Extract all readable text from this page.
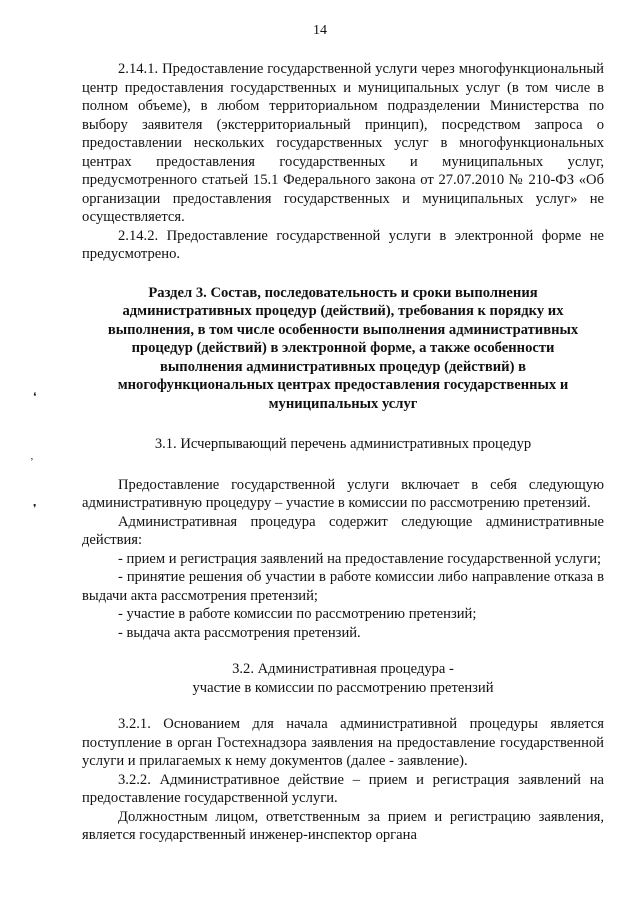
14
❛
‚
❜

2.14.1. Предоставление государственной услуги через многофункциональный центр предоставления государственных и муниципальных услуг (в том числе в полном объеме), в любом территориальном подразделении Министерства по выбору заявителя (экстерриториальный принцип), посредством запроса о предоставлении нескольких государственных услуг в многофункциональных центрах предоставления государственных и муниципальных услуг, предусмотренного статьей 15.1 Федерального закона от 27.07.2010 № 210-ФЗ «Об организации предоставления государственных и муниципальных услуг» не осуществляется.

2.14.2. Предоставление государственной услуги в электронной форме не предусмотрено.

Раздел 3. Состав, последовательность и сроки выполнения административных процедур (действий), требования к порядку их выполнения, в том числе особенности выполнения административных процедур (действий) в электронной форме, а также особенности выполнения административных процедур (действий) в многофункциональных центрах предоставления государственных и муниципальных услуг

3.1. Исчерпывающий перечень административных процедур

Предоставление государственной услуги включает в себя следующую административную процедуру – участие в комиссии по рассмотрению претензий.

Административная процедура содержит следующие административные действия:

- прием и регистрация заявлений на предоставление государственной услуги;

- принятие решения об участии в работе комиссии либо направление отказа в выдачи акта рассмотрения претензий;

- участие в работе комиссии по рассмотрению претензий;

- выдача акта рассмотрения претензий.

3.2. Административная процедура -
участие в комиссии по рассмотрению претензий

3.2.1. Основанием для начала административной процедуры является поступление в орган Гостехнадзора заявления на предоставление государственной услуги и прилагаемых к нему документов (далее - заявление).

3.2.2. Административное действие – прием и регистрация заявлений на предоставление государственной услуги.

Должностным лицом, ответственным за прием и регистрацию заявления, является государственный инженер-инспектор органа
